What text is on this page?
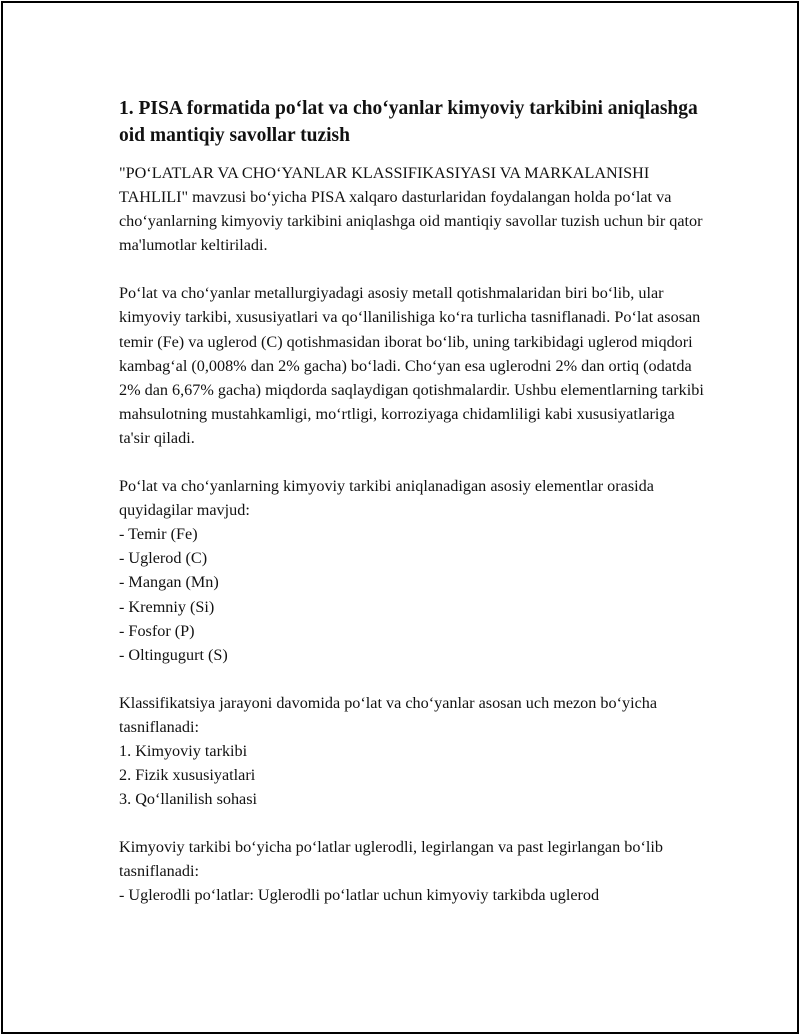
1. PISA formatida po‘lat va cho‘yanlar kimyoviy tarkibini aniqlashga oid mantiqiy savollar tuzish

"PO‘LATLAR VA CHO‘YANLAR KLASSIFIKASIYASI VA MARKALANISHI TAHLILI" mavzusi bo‘yicha PISA xalqaro dasturlaridan foydalangan holda po‘lat va cho‘yanlarning kimyoviy tarkibini aniqlashga oid mantiqiy savollar tuzish uchun bir qator ma'lumotlar keltiriladi.

Po‘lat va cho‘yanlar metallurgiyadagi asosiy metall qotishmalaridan biri bo‘lib, ular kimyoviy tarkibi, xususiyatlari va qo‘llanilishiga ko‘ra turlicha tasniflanadi. Po‘lat asosan temir (Fe) va uglerod (C) qotishmasidan iborat bo‘lib, uning tarkibidagi uglerod miqdori kambag‘al (0,008% dan 2% gacha) bo‘ladi. Cho‘yan esa uglerodni 2% dan ortiq (odatda 2% dan 6,67% gacha) miqdorda saqlaydigan qotishmalardir. Ushbu elementlarning tarkibi mahsulotning mustahkamligi, mo‘rtligi, korroziyaga chidamliligi kabi xususiyatlariga ta'sir qiladi.

Po‘lat va cho‘yanlarning kimyoviy tarkibi aniqlanadigan asosiy elementlar orasida quyidagilar mavjud:
- Temir (Fe)
- Uglerod (C)
- Mangan (Mn)
- Kremniy (Si)
- Fosfor (P)
- Oltingugurt (S)

Klassifikatsiya jarayoni davomida po‘lat va cho‘yanlar asosan uch mezon bo‘yicha tasniflanadi:
1. Kimyoviy tarkibi
2. Fizik xususiyatlari
3. Qo‘llanilish sohasi

Kimyoviy tarkibi bo‘yicha po‘latlar uglerodli, legirlangan va past legirlangan bo‘lib tasniflanadi:
- Uglerodli po‘latlar: Uglerodli po‘latlar uchun kimyoviy tarkibda uglerod
